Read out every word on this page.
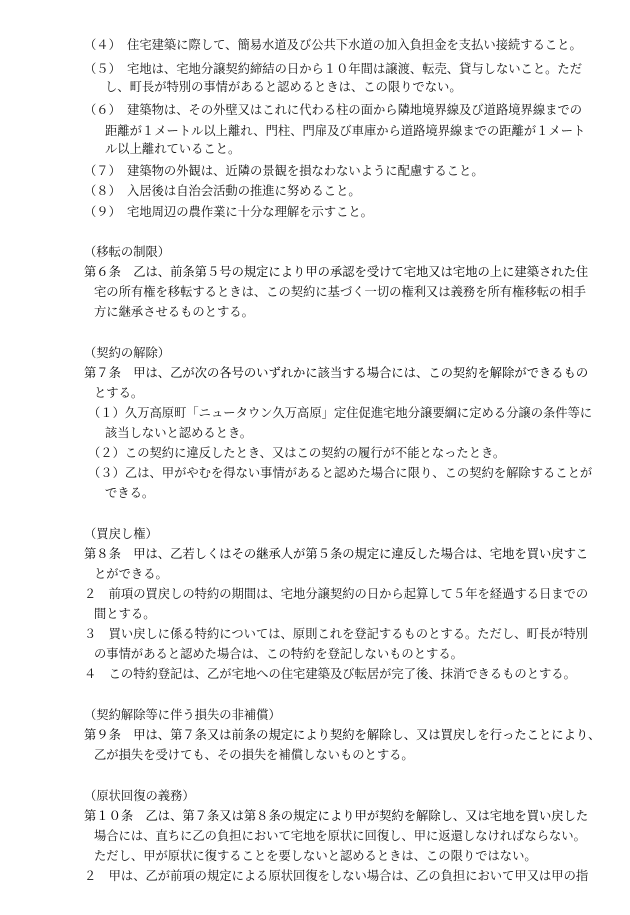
（４）　住宅建築に際して、簡易水道及び公共下水道の加入負担金を支払い接続すること。

（５）　宅地は、宅地分譲契約締結の日から１０年間は譲渡、転売、貸与しないこと。ただ

し、町長が特別の事情があると認めるときは、この限りでない。

（６）　建築物は、その外壁又はこれに代わる柱の面から隣地境界線及び道路境界線までの

距離が１メートル以上離れ、門柱、門扉及び車庫から道路境界線までの距離が１メート

ル以上離れていること。

（７）　建築物の外観は、近隣の景観を損なわないように配慮すること。

（８）　入居後は自治会活動の推進に努めること。

（９）　宅地周辺の農作業に十分な理解を示すこと。

（移転の制限）

第６条　乙は、前条第５号の規定により甲の承認を受けて宅地又は宅地の上に建築された住

宅の所有権を移転するときは、この契約に基づく一切の権利又は義務を所有権移転の相手

方に継承させるものとする。

（契約の解除）

第７条　甲は、乙が次の各号のいずれかに該当する場合には、この契約を解除ができるもの

とする。

（１）久万高原町「ニュータウン久万高原」定住促進宅地分譲要綱に定める分譲の条件等に

該当しないと認めるとき。

（２）この契約に違反したとき、又はこの契約の履行が不能となったとき。

（３）乙は、甲がやむを得ない事情があると認めた場合に限り、この契約を解除することが

できる。

（買戻し権）

第８条　甲は、乙若しくはその継承人が第５条の規定に違反した場合は、宅地を買い戻すこ

とができる。

２　前項の買戻しの特約の期間は、宅地分譲契約の日から起算して５年を経過する日までの

間とする。

３　買い戻しに係る特約については、原則これを登記するものとする。ただし、町長が特別

の事情があると認めた場合は、この特約を登記しないものとする。

４　この特約登記は、乙が宅地への住宅建築及び転居が完了後、抹消できるものとする。

（契約解除等に伴う損失の非補償）

第９条　甲は、第７条又は前条の規定により契約を解除し、又は買戻しを行ったことにより、

乙が損失を受けても、その損失を補償しないものとする。

（原状回復の義務）

第１０条　乙は、第７条又は第８条の規定により甲が契約を解除し、又は宅地を買い戻した

場合には、直ちに乙の負担において宅地を原状に回復し、甲に返還しなければならない。

ただし、甲が原状に復することを要しないと認めるときは、この限りではない。

２　甲は、乙が前項の規定による原状回復をしない場合は、乙の負担において甲又は甲の指
